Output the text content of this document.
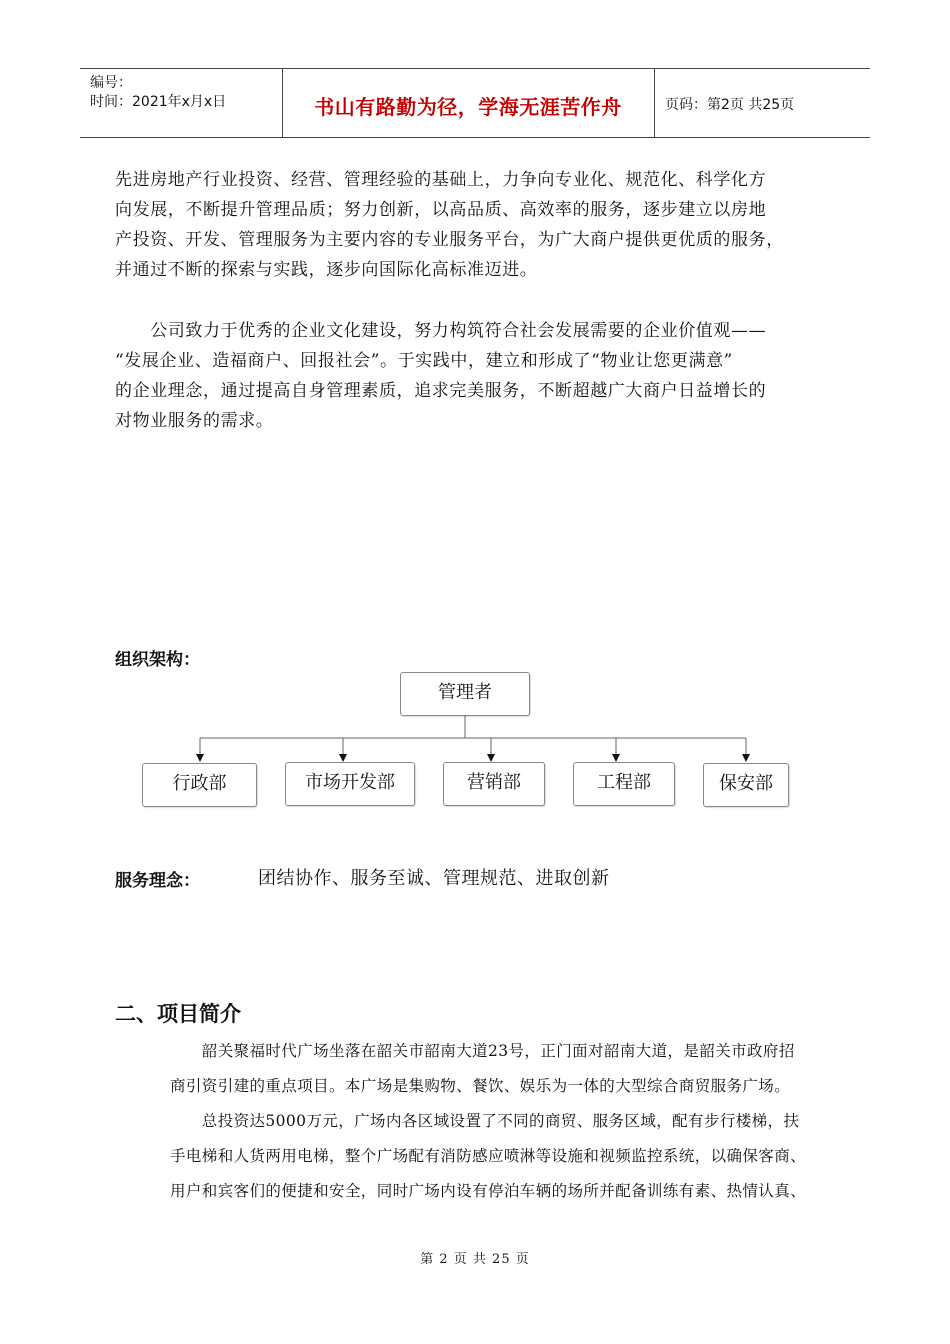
编号：
时间：2021年x月x日	书山有路勤为径，学海无涯苦作舟	页码：第2页 共25页
先进房地产行业投资、经营、管理经验的基础上，力争向专业化、规范化、科学化方
向发展，不断提升管理品质；努力创新，以高品质、高效率的服务，逐步建立以房地
产投资、开发、管理服务为主要内容的专业服务平台，为广大商户提供更优质的服务，
并通过不断的探索与实践，逐步向国际化高标准迈进。
　　公司致力于优秀的企业文化建设，努力构筑符合社会发展需要的企业价值观——
“发展企业、造福商户、回报社会”。于实践中，建立和形成了“物业让您更满意”
的企业理念，通过提高自身管理素质，追求完美服务，不断超越广大商户日益增长的
对物业服务的需求。
组织架构：
管理者
行政部	市场开发部	营销部	工程部	保安部
服务理念：	团结协作、服务至诚、管理规范、进取创新
二、项目简介
　　韶关聚福时代广场坐落在韶关市韶南大道23号，正门面对韶南大道，是韶关市政府招
商引资引建的重点项目。本广场是集购物、餐饮、娱乐为一体的大型综合商贸服务广场。
　　总投资达5000万元，广场内各区域设置了不同的商贸、服务区域，配有步行楼梯，扶
手电梯和人货两用电梯，整个广场配有消防感应喷淋等设施和视频监控系统，以确保客商、
用户和宾客们的便捷和安全，同时广场内设有停泊车辆的场所并配备训练有素、热情认真、
第 2 页 共 25 页
